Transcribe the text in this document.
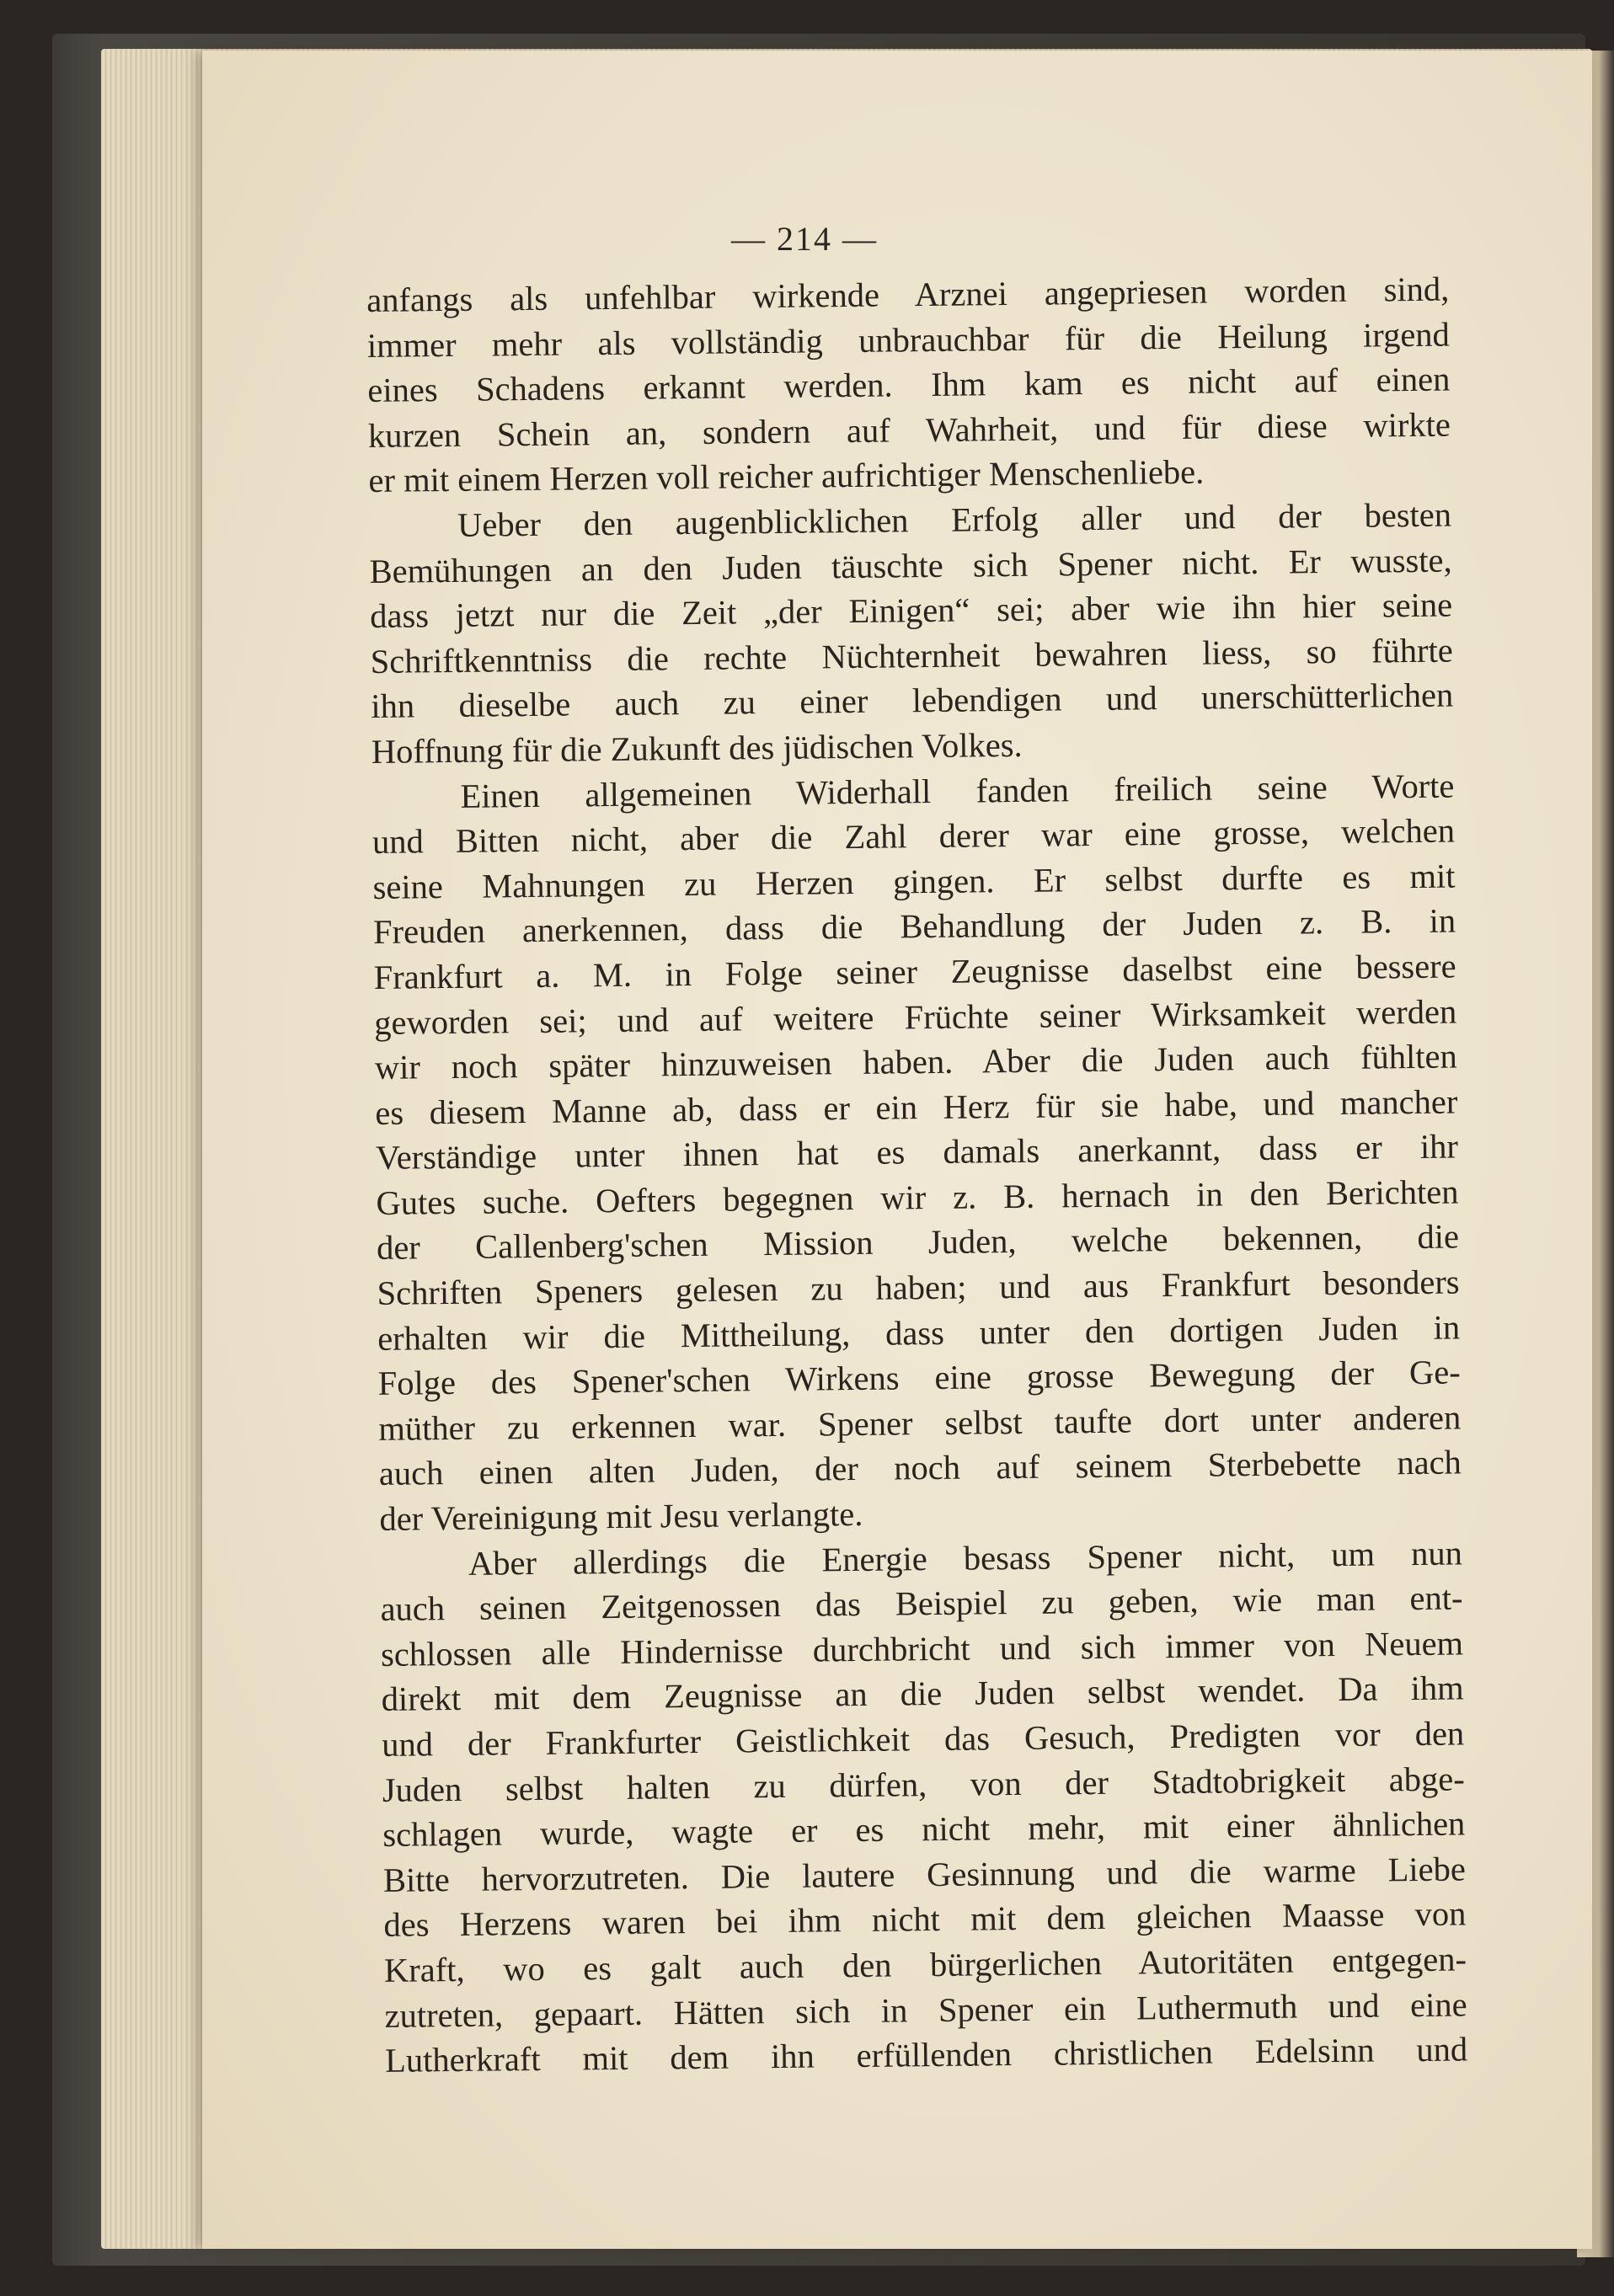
— 214 —
anfangs als unfehlbar wirkende Arznei angepriesen worden sind,
immer mehr als vollständig unbrauchbar für die Heilung irgend
eines Schadens erkannt werden. Ihm kam es nicht auf einen
kurzen Schein an, sondern auf Wahrheit, und für diese wirkte
er mit einem Herzen voll reicher aufrichtiger Menschenliebe.
Ueber den augenblicklichen Erfolg aller und der besten
Bemühungen an den Juden täuschte sich Spener nicht. Er wusste,
dass jetzt nur die Zeit „der Einigen“ sei; aber wie ihn hier seine
Schriftkenntniss die rechte Nüchternheit bewahren liess, so führte
ihn dieselbe auch zu einer lebendigen und unerschütterlichen
Hoffnung für die Zukunft des jüdischen Volkes.
Einen allgemeinen Widerhall fanden freilich seine Worte
und Bitten nicht, aber die Zahl derer war eine grosse, welchen
seine Mahnungen zu Herzen gingen. Er selbst durfte es mit
Freuden anerkennen, dass die Behandlung der Juden z. B. in
Frankfurt a. M. in Folge seiner Zeugnisse daselbst eine bessere
geworden sei; und auf weitere Früchte seiner Wirksamkeit werden
wir noch später hinzuweisen haben. Aber die Juden auch fühlten
es diesem Manne ab, dass er ein Herz für sie habe, und mancher
Verständige unter ihnen hat es damals anerkannt, dass er ihr
Gutes suche. Oefters begegnen wir z. B. hernach in den Berichten
der Callenberg'schen Mission Juden, welche bekennen, die
Schriften Speners gelesen zu haben; und aus Frankfurt besonders
erhalten wir die Mittheilung, dass unter den dortigen Juden in
Folge des Spener'schen Wirkens eine grosse Bewegung der Ge-
müther zu erkennen war. Spener selbst taufte dort unter anderen
auch einen alten Juden, der noch auf seinem Sterbebette nach
der Vereinigung mit Jesu verlangte.
Aber allerdings die Energie besass Spener nicht, um nun
auch seinen Zeitgenossen das Beispiel zu geben, wie man ent-
schlossen alle Hindernisse durchbricht und sich immer von Neuem
direkt mit dem Zeugnisse an die Juden selbst wendet. Da ihm
und der Frankfurter Geistlichkeit das Gesuch, Predigten vor den
Juden selbst halten zu dürfen, von der Stadtobrigkeit abge-
schlagen wurde, wagte er es nicht mehr, mit einer ähnlichen
Bitte hervorzutreten. Die lautere Gesinnung und die warme Liebe
des Herzens waren bei ihm nicht mit dem gleichen Maasse von
Kraft, wo es galt auch den bürgerlichen Autoritäten entgegen-
zutreten, gepaart. Hätten sich in Spener ein Luthermuth und eine
Lutherkraft mit dem ihn erfüllenden christlichen Edelsinn und
